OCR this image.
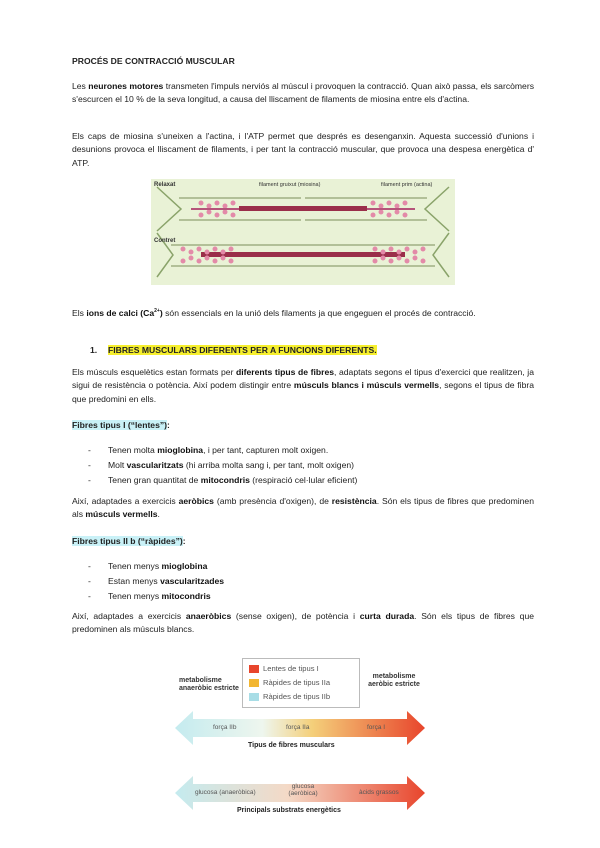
PROCÉS DE CONTRACCIÓ MUSCULAR
Les neurones motores transmeten l'impuls nerviós al múscul i provoquen la contracció. Quan això passa, els sarcòmers s'escurcen el 10 % de la seva longitud, a causa del lliscament de filaments de miosina entre els d'actina.
Els caps de miosina s'uneixen a l'actina, i l'ATP permet que després es desenganxin. Aquesta successió d'unions i desunions provoca el lliscament de filaments, i per tant la contracció muscular, que provoca una despesa energètica d' ATP.
Relaxat
Contret
filament gruixut (miosina)	filament prim (actina)
Els ions de calci $(Ca^{2+})$ són essencials en la unió dels filaments ja que engeguen el procés de contracció.
1. FIBRES MUSCULARS DIFERENTS PER A FUNCIONS DIFERENTS.
Els músculs esquelètics estan formats per diferents tipus de fibres, adaptats segons el tipus d'exercici que realitzen, ja sigui de resistència o potència. Així podem distingir entre músculs blancs i músculs vermells, segons el tipus de fibra que predomini en ells.
Fibres tipus I (“lentes”):
- Tenen molta mioglobina, i per tant, capturen molt oxigen.
- Molt vascularitzats (hi arriba molta sang i, per tant, molt oxigen)
- Tenen gran quantitat de mitocondris (respiració cel·lular eficient)
Així, adaptades a exercicis aeròbics (amb presència d'oxigen), de resistència. Són els tipus de fibres que predominen als músculs vermells.
Fibres tipus II b (“ràpides”):
- Tenen menys mioglobina
- Estan menys vascularitzades
- Tenen menys mitocondris
Així, adaptades a exercicis anaeròbics (sense oxigen), de potència i curta durada. Són els tipus de fibres que predominen als músculs blancs.
Lentes de tipus I
Ràpides de tipus IIa
Ràpides de tipus IIb
metabolisme anaeròbic estricte
metabolisme aeròbic estricte
força IIb	força IIa	força I
Tipus de fibres musculars
glucosa (anaeròbica)
glucosa (aeròbica)	àcids grassos
Principals substrats energètics
